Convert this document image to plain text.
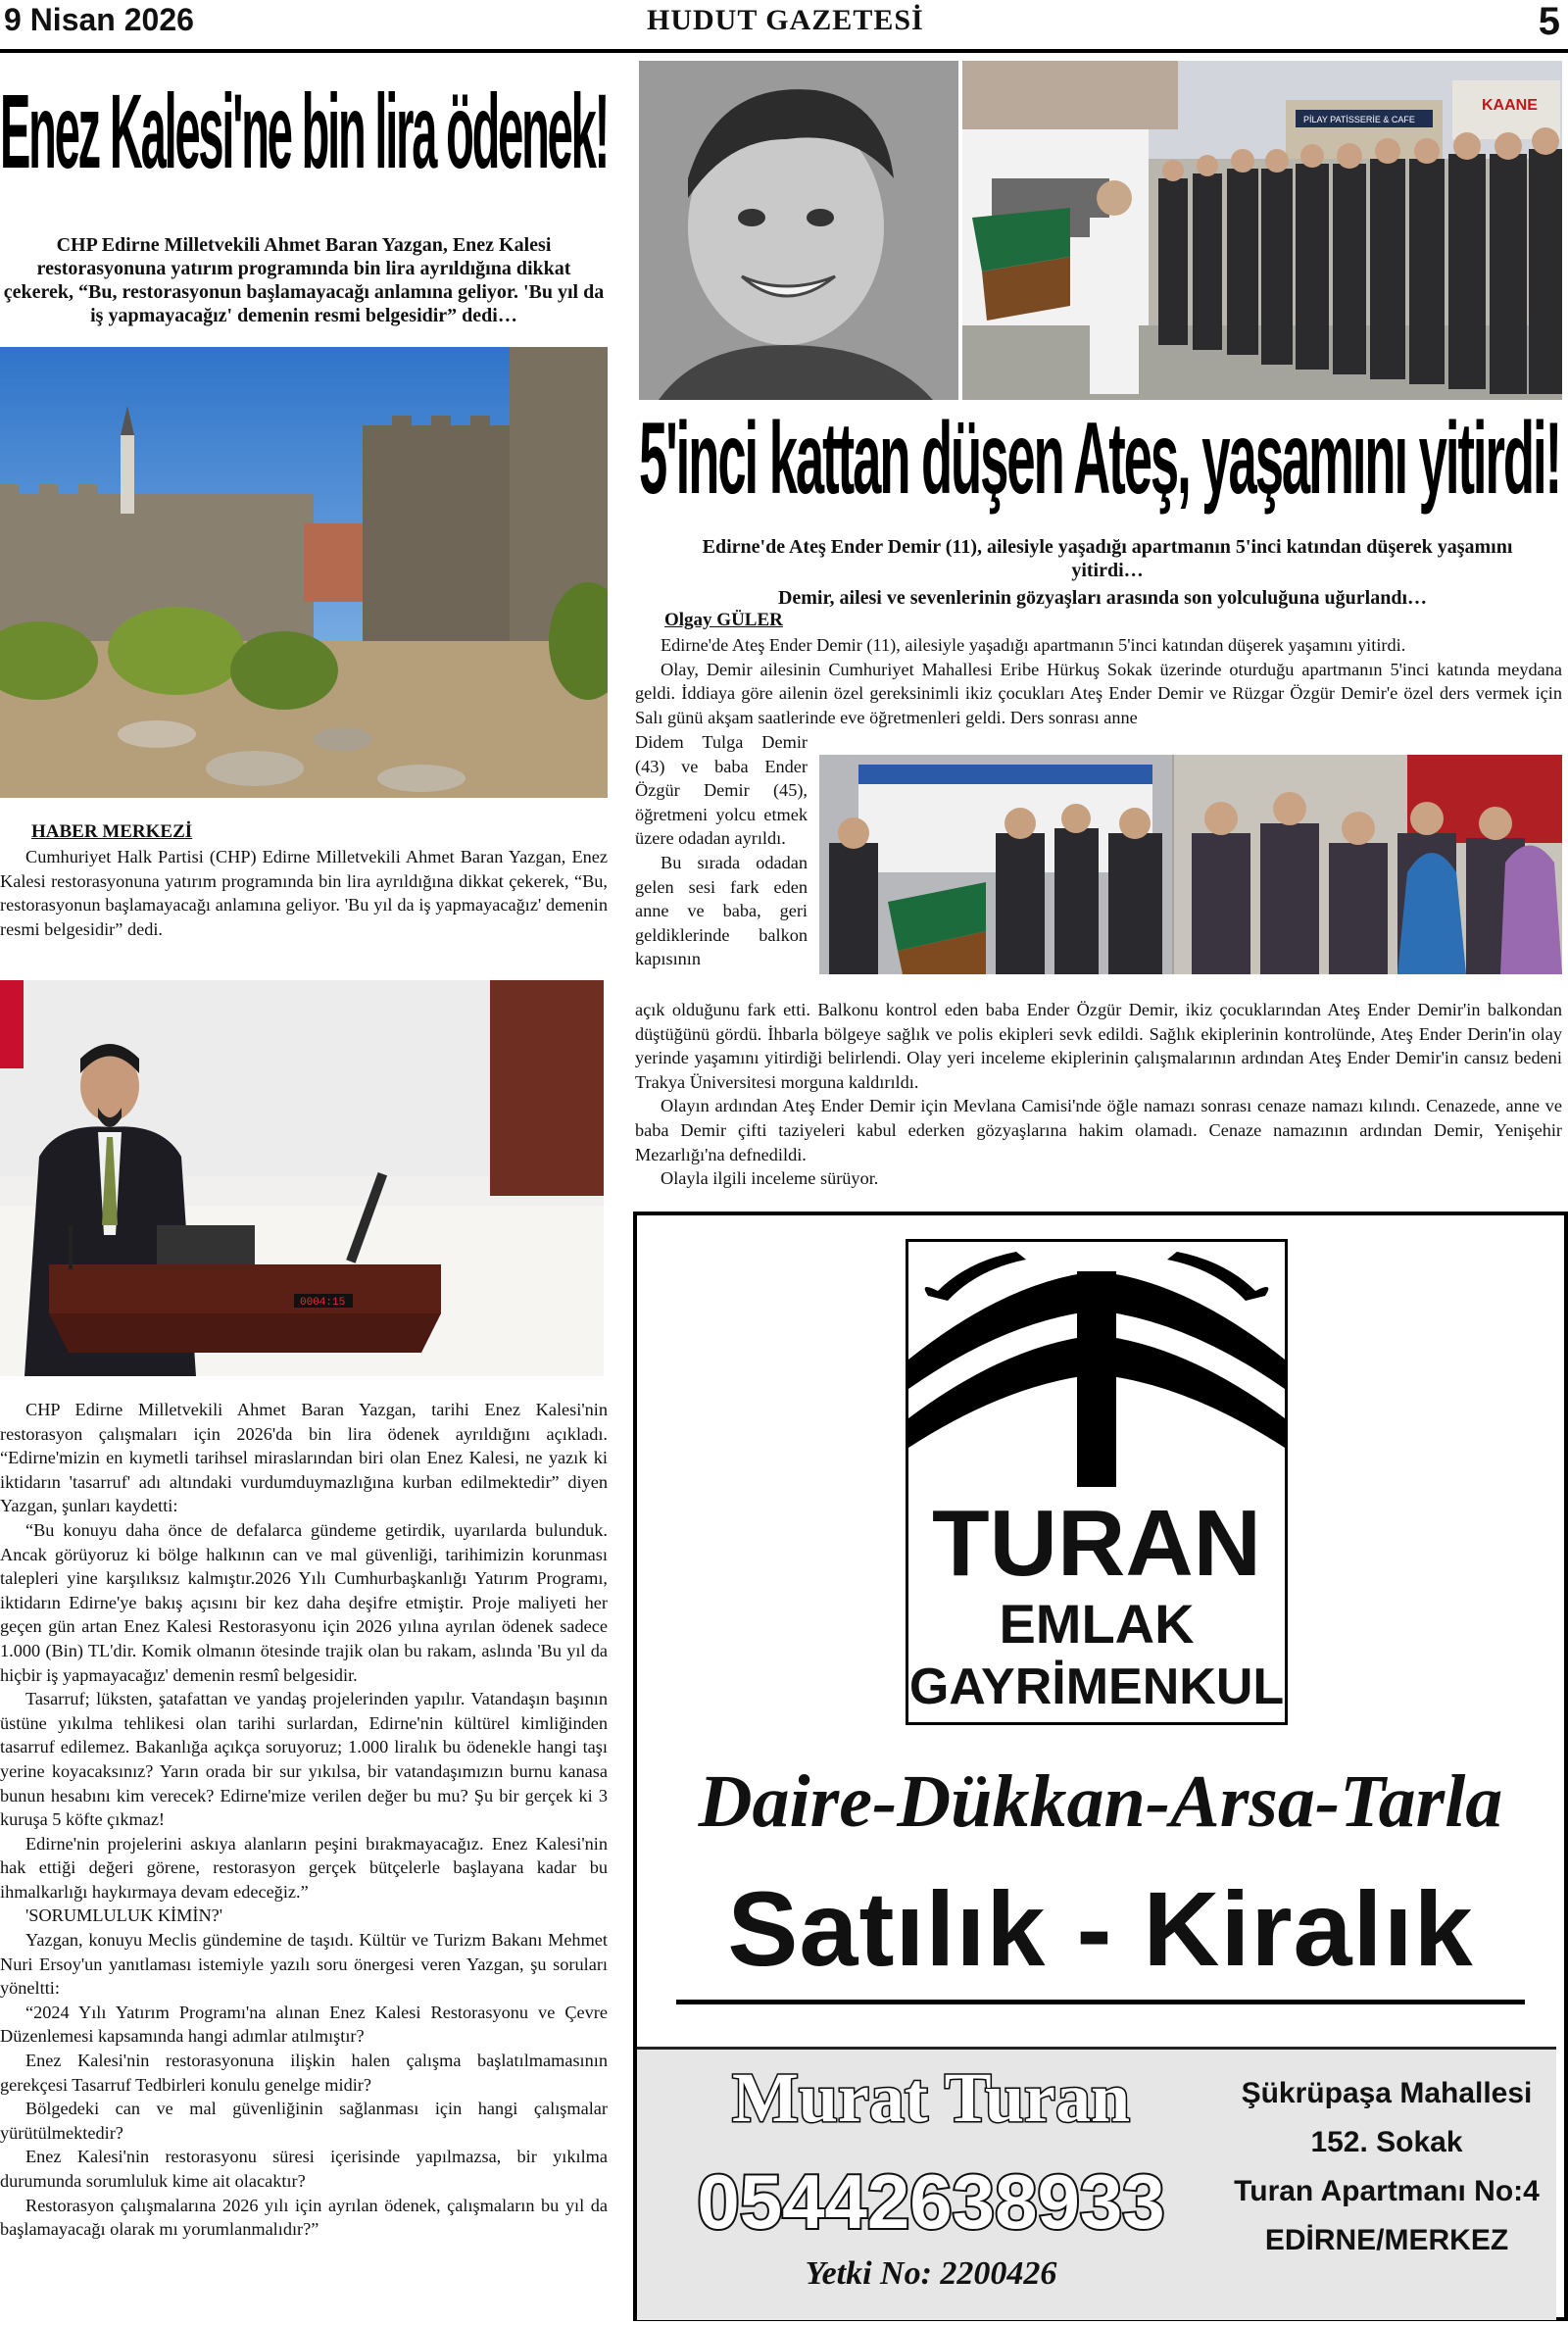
9 Nisan 2026	HUDUT GAZETESİ	5
Enez Kalesi'ne bin lira ödenek!
CHP Edirne Milletvekili Ahmet Baran Yazgan, Enez Kalesi restorasyonuna yatırım programında bin lira ayrıldığına dikkat çekerek, “Bu, restorasyonun başlamayacağı anlamına geliyor. 'Bu yıl da iş yapmayacağız' demenin resmi belgesidir” dedi…
HABER MERKEZİ

Cumhuriyet Halk Partisi (CHP) Edirne Milletvekili Ahmet Baran Yazgan, Enez Kalesi restorasyonuna yatırım programında bin lira ayrıldığına dikkat çekerek, “Bu, restorasyonun başlamayacağı anlamına geliyor. 'Bu yıl da iş yapmayacağız' demenin resmi belgesidir” dedi.

0004:15

CHP Edirne Milletvekili Ahmet Baran Yazgan, tarihi Enez Kalesi'nin restorasyon çalışmaları için 2026'da bin lira ödenek ayrıldığını açıkladı. “Edirne'mizin en kıymetli tarihsel miraslarından biri olan Enez Kalesi, ne yazık ki iktidarın 'tasarruf' adı altındaki vurdumduymazlığına kurban edilmektedir” diyen Yazgan, şunları kaydetti:

“Bu konuyu daha önce de defalarca gündeme getirdik, uyarılarda bulunduk. Ancak görüyoruz ki bölge halkının can ve mal güvenliği, tarihimizin korunması talepleri yine karşılıksız kalmıştır.2026 Yılı Cumhurbaşkanlığı Yatırım Programı, iktidarın Edirne'ye bakış açısını bir kez daha deşifre etmiştir. Proje maliyeti her geçen gün artan Enez Kalesi Restorasyonu için 2026 yılına ayrılan ödenek sadece 1.000 (Bin) TL'dir. Komik olmanın ötesinde trajik olan bu rakam, aslında 'Bu yıl da hiçbir iş yapmayacağız' demenin resmî belgesidir.

Tasarruf; lüksten, şatafattan ve yandaş projelerinden yapılır. Vatandaşın başının üstüne yıkılma tehlikesi olan tarihi surlardan, Edirne'nin kültürel kimliğinden tasarruf edilemez. Bakanlığa açıkça soruyoruz; 1.000 liralık bu ödenekle hangi taşı yerine koyacaksınız? Yarın orada bir sur yıkılsa, bir vatandaşımızın burnu kanasa bunun hesabını kim verecek? Edirne'mize verilen değer bu mu? Şu bir gerçek ki 3 kuruşa 5 köfte çıkmaz!

Edirne'nin projelerini askıya alanların peşini bırakmayacağız. Enez Kalesi'nin hak ettiği değeri görene, restorasyon gerçek bütçelerle başlayana kadar bu ihmalkarlığı haykırmaya devam edeceğiz.”

'SORUMLULUK KİMİN?'

Yazgan, konuyu Meclis gündemine de taşıdı. Kültür ve Turizm Bakanı Mehmet Nuri Ersoy'un yanıtlaması istemiyle yazılı soru önergesi veren Yazgan, şu soruları yöneltti:

“2024 Yılı Yatırım Programı'na alınan Enez Kalesi Restorasyonu ve Çevre Düzenlemesi kapsamında hangi adımlar atılmıştır?

Enez Kalesi'nin restorasyonuna ilişkin halen çalışma başlatılmamasının gerekçesi Tasarruf Tedbirleri konulu genelge midir?

Bölgedeki can ve mal güvenliğinin sağlanması için hangi çalışmalar yürütülmektedir?

Enez Kalesi'nin restorasyonu süresi içerisinde yapılmazsa, bir yıkılma durumunda sorumluluk kime ait olacaktır?

Restorasyon çalışmalarına 2026 yılı için ayrılan ödenek, çalışmaların bu yıl da başlamayacağı olarak mı yorumlanmalıdır?”

PİLAY PATİSSERİE & CAFE
KAANE
5'inci kattan düşen Ateş, yaşamını yitirdi!
Edirne'de Ateş Ender Demir (11), ailesiyle yaşadığı apartmanın 5'inci katından düşerek yaşamını yitirdi…
Demir, ailesi ve sevenlerinin gözyaşları arasında son yolculuğuna uğurlandı…
Olgay GÜLER

Edirne'de Ateş Ender Demir (11), ailesiyle yaşadığı apartmanın 5'inci katından düşerek yaşamını yitirdi.

Olay, Demir ailesinin Cumhuriyet Mahallesi Eribe Hürkuş Sokak üzerinde oturduğu apartmanın 5'inci katında meydana geldi. İddiaya göre ailenin özel gereksinimli ikiz çocukları Ateş Ender Demir ve Rüzgar Özgür Demir'e özel ders vermek için Salı günü akşam saatlerinde eve öğretmenleri geldi. Ders sonrası anne

Didem Tulga Demir (43) ve baba Ender Özgür Demir (45), öğretmeni yolcu etmek üzere odadan ayrıldı.

Bu sırada odadan gelen sesi fark eden anne ve baba, geri geldiklerinde balkon kapısının

açık olduğunu fark etti. Balkonu kontrol eden baba Ender Özgür Demir, ikiz çocuklarından Ateş Ender Demir'in balkondan düştüğünü gördü. İhbarla bölgeye sağlık ve polis ekipleri sevk edildi. Sağlık ekiplerinin kontrolünde, Ateş Ender Derin'in olay yerinde yaşamını yitirdiği belirlendi. Olay yeri inceleme ekiplerinin çalışmalarının ardından Ateş Ender Demir'in cansız bedeni Trakya Üniversitesi morguna kaldırıldı.

Olayın ardından Ateş Ender Demir için Mevlana Camisi'nde öğle namazı sonrası cenaze namazı kılındı. Cenazede, anne ve baba Demir çifti taziyeleri kabul ederken gözyaşlarına hakim olamadı. Cenaze namazının ardından Demir, Yenişehir Mezarlığı'na defnedildi.

Olayla ilgili inceleme sürüyor.

TURAN
EMLAK
GAYRİMENKUL
Daire-Dükkan-Arsa-Tarla
Satılık - Kiralık
Murat Turan
05442638933
Yetki No: 2200426
Şükrüpaşa Mahallesi
152. Sokak
Turan Apartmanı No:4
EDİRNE/MERKEZ
